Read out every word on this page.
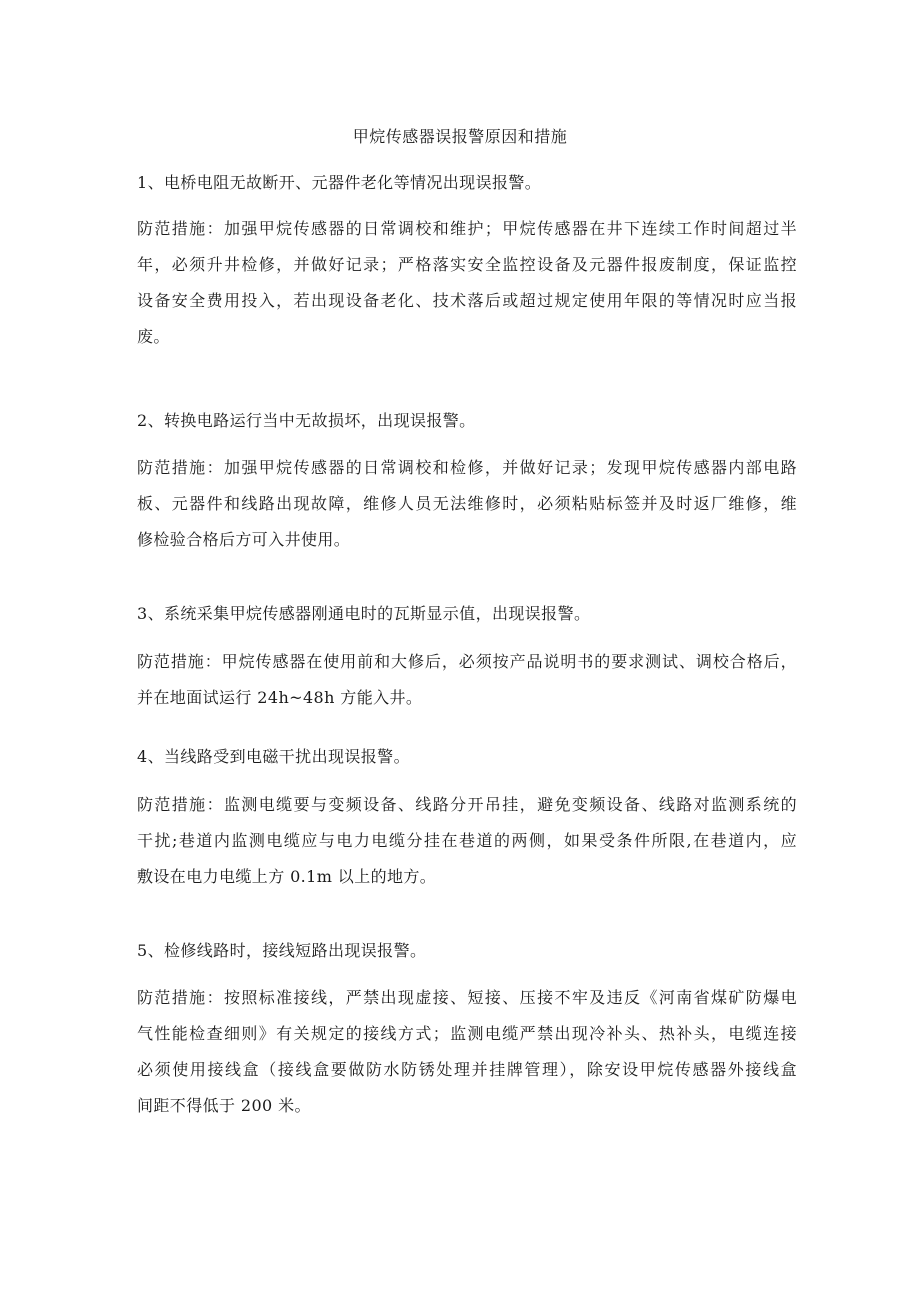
甲烷传感器误报警原因和措施
1、电桥电阻无故断开、元器件老化等情况出现误报警。
防范措施：加强甲烷传感器的日常调校和维护；甲烷传感器在井下连续工作时间超过半
年，必须升井检修，并做好记录；严格落实安全监控设备及元器件报废制度，保证监控
设备安全费用投入，若出现设备老化、技术落后或超过规定使用年限的等情况时应当报
废。
2、转换电路运行当中无故损坏，出现误报警。
防范措施：加强甲烷传感器的日常调校和检修，并做好记录；发现甲烷传感器内部电路
板、元器件和线路出现故障，维修人员无法维修时，必须粘贴标签并及时返厂维修，维
修检验合格后方可入井使用。
3、系统采集甲烷传感器刚通电时的瓦斯显示值，出现误报警。
防范措施：甲烷传感器在使用前和大修后，必须按产品说明书的要求测试、调校合格后，
并在地面试运行 24h~48h 方能入井。
4、当线路受到电磁干扰出现误报警。
防范措施：监测电缆要与变频设备、线路分开吊挂，避免变频设备、线路对监测系统的
干扰;巷道内监测电缆应与电力电缆分挂在巷道的两侧，如果受条件所限,在巷道内，应
敷设在电力电缆上方 0.1m 以上的地方。
5、检修线路时，接线短路出现误报警。
防范措施：按照标准接线，严禁出现虚接、短接、压接不牢及违反《河南省煤矿防爆电
气性能检查细则》有关规定的接线方式；监测电缆严禁出现冷补头、热补头，电缆连接
必须使用接线盒（接线盒要做防水防锈处理并挂牌管理），除安设甲烷传感器外接线盒
间距不得低于 200 米。
